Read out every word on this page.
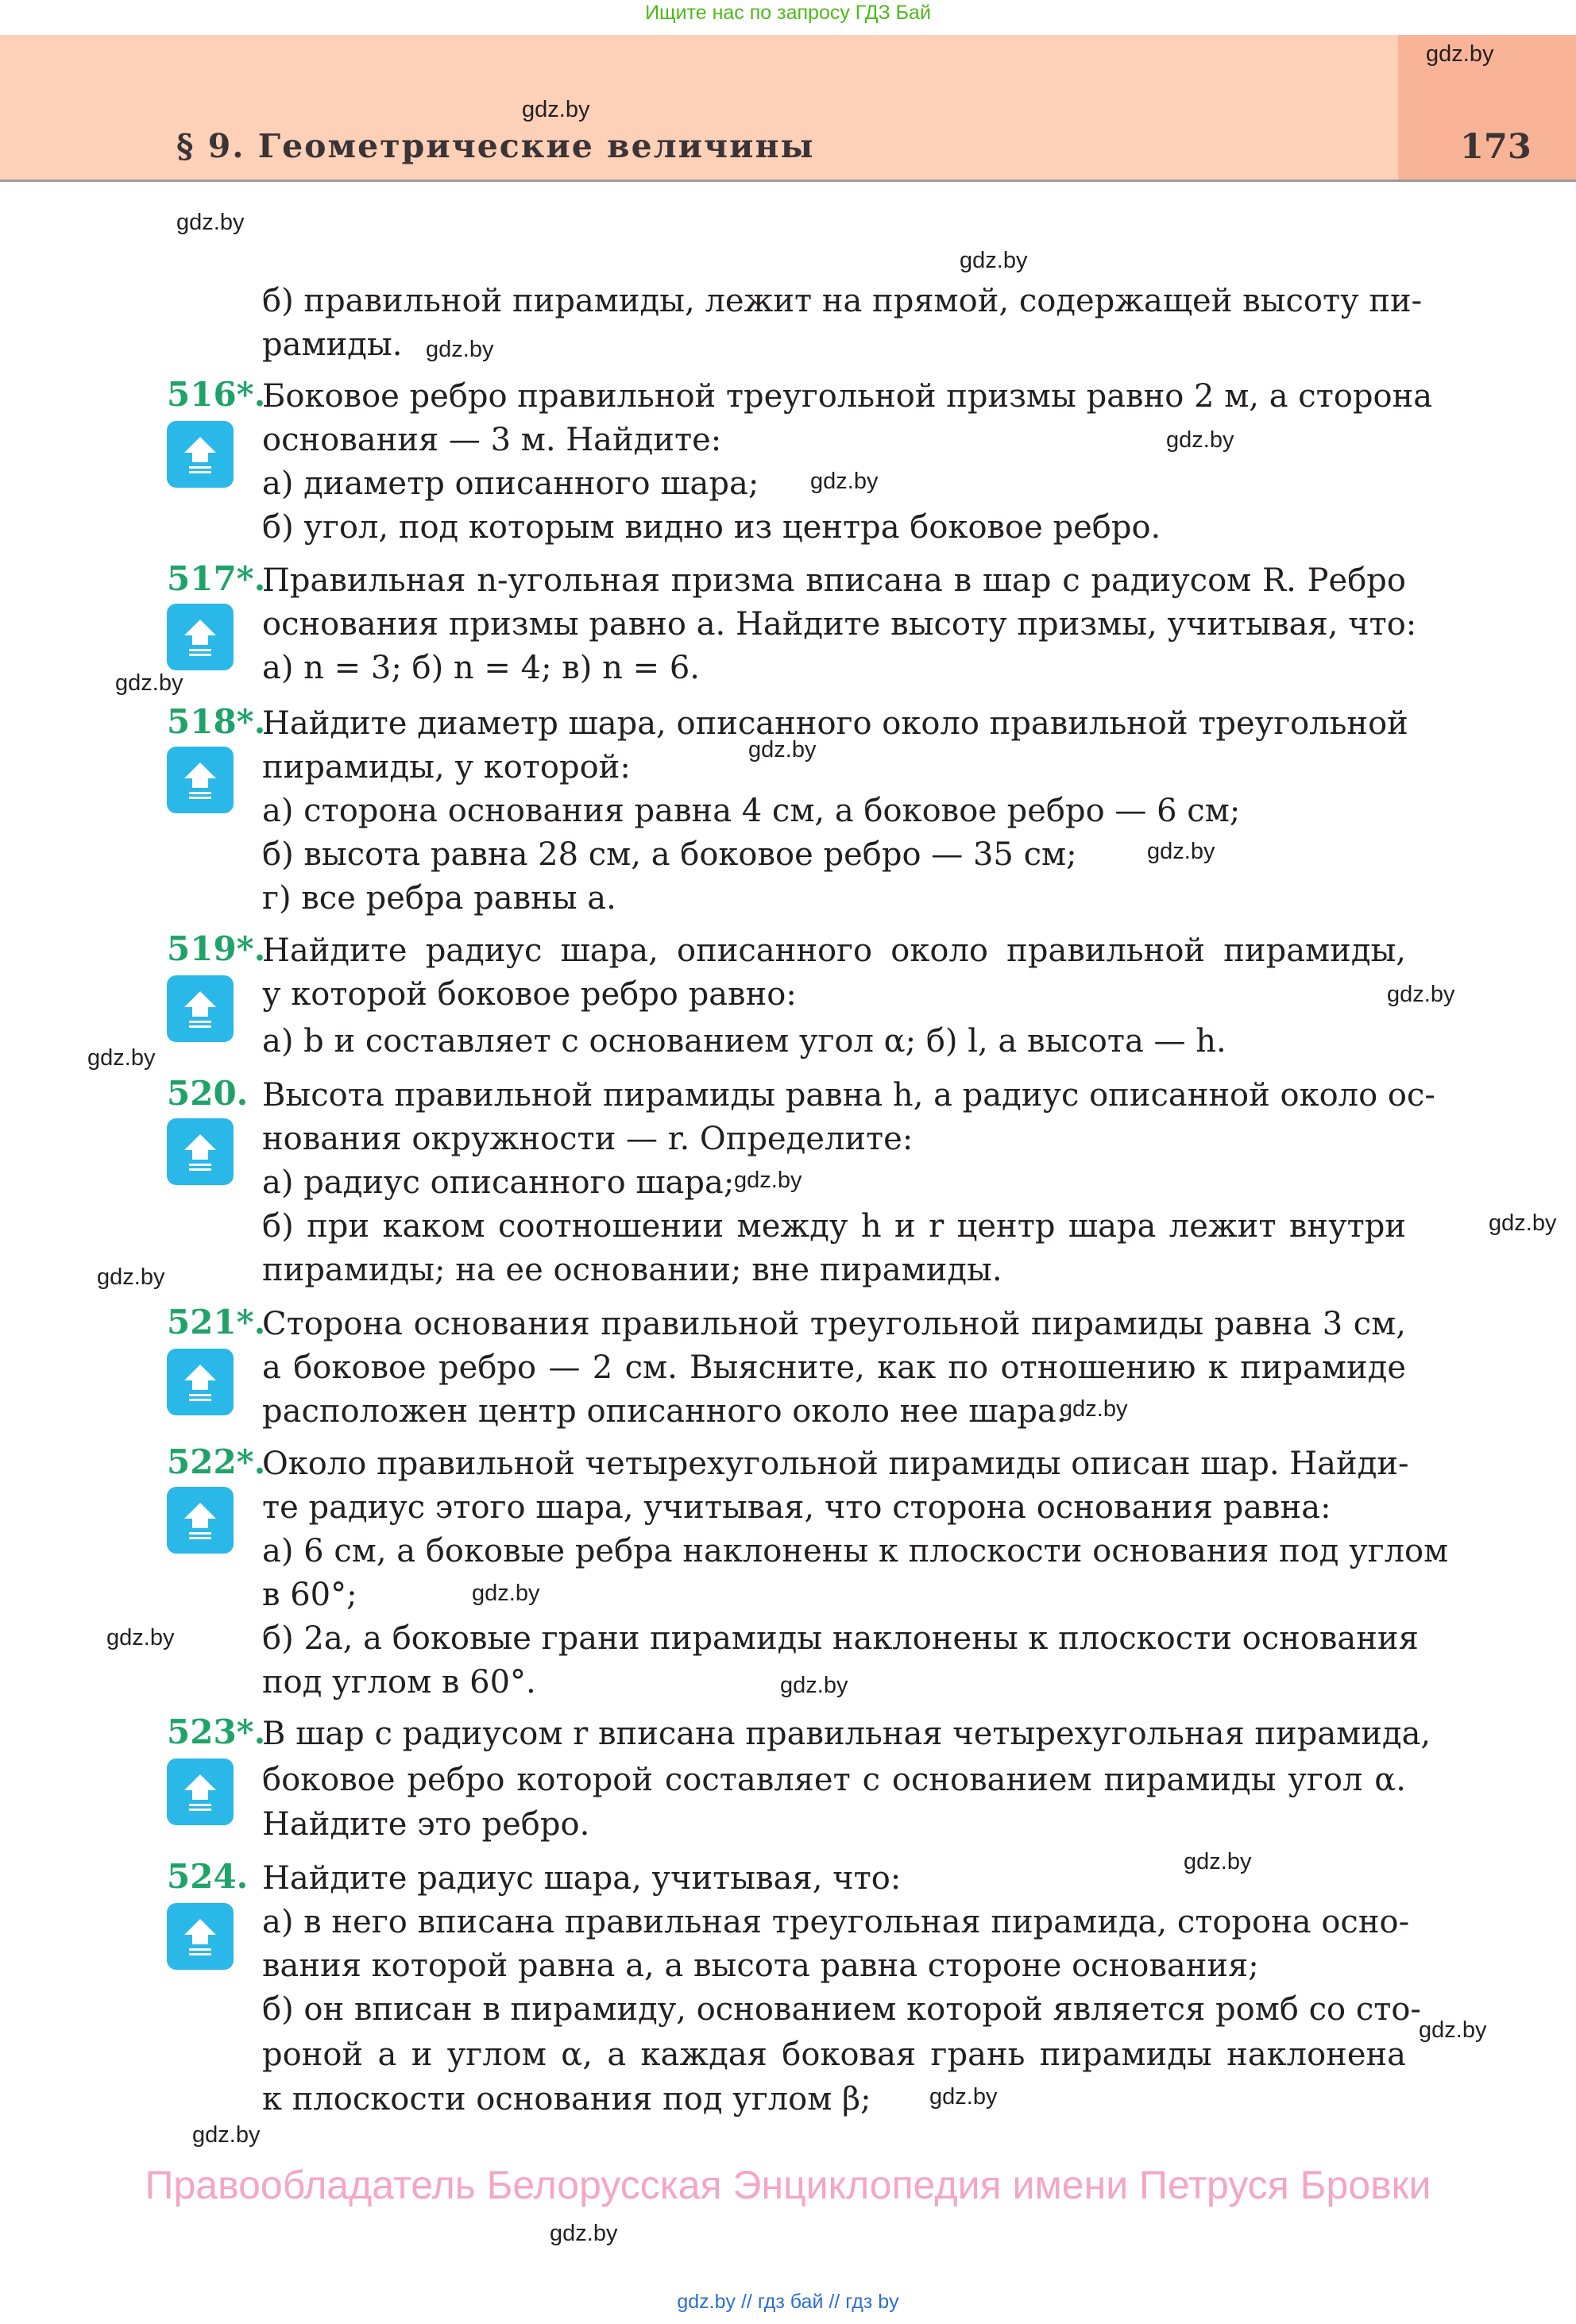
Ищите нас по запросу ГДЗ Бай
§ 9. Геометрические величины	173
gdz.by
gdz.by
gdz.by
gdz.by
gdz.by
gdz.by
gdz.by
gdz.by
gdz.by
gdz.by
gdz.by
gdz.by
gdz.by
gdz.by
gdz.by
gdz.by
gdz.by
gdz.by
gdz.by
gdz.by
gdz.by
gdz.by
gdz.by
gdz.by
б) правильной пирамиды, лежит на прямой, содержащей высоту пи-
рамиды.
516*.
Боковое ребро правильной треугольной призмы равно 2 м, а сторона
основания — 3 м. Найдите:
а) диаметр описанного шара;
б) угол, под которым видно из центра боковое ребро.
517*.
Правильная n-угольная призма вписана в шар с радиусом R. Ребро
основания призмы равно a. Найдите высоту призмы, учитывая, что:
а) n = 3; б) n = 4; в) n = 6.
518*.
Найдите диаметр шара, описанного около правильной треугольной
пирамиды, у которой:
а) сторона основания равна 4 см, а боковое ребро — 6 см;
б) высота равна 28 см, а боковое ребро — 35 см;
г) все ребра равны a.
519*.
Найдите радиус шара, описанного около правильной пирамиды,
у которой боковое ребро равно:
а) b и составляет с основанием угол α; б) l, а высота — h.
520. Высота правильной пирамиды равна h, а радиус описанной около ос-
нования окружности — r. Определите:
а) радиус описанного шара;
б) при каком соотношении между h и r центр шара лежит внутри
пирамиды; на ее основании; вне пирамиды.
521*.
Сторона основания правильной треугольной пирамиды равна 3 см,
а боковое ребро — 2 см. Выясните, как по отношению к пирамиде
расположен центр описанного около нее шара.
522*.
Около правильной четырехугольной пирамиды описан шар. Найди-
те радиус этого шара, учитывая, что сторона основания равна:
а) 6 см, а боковые ребра наклонены к плоскости основания под углом
в 60°;
б) 2a, а боковые грани пирамиды наклонены к плоскости основания
под углом в 60°.
523*.
В шар с радиусом r вписана правильная четырехугольная пирамида,
боковое ребро которой составляет с основанием пирамиды угол α.
Найдите это ребро.
524. Найдите радиус шара, учитывая, что:
а) в него вписана правильная треугольная пирамида, сторона осно-
вания которой равна a, а высота равна стороне основания;
б) он вписан в пирамиду, основанием которой является ромб со сто-
роной a и углом α, а каждая боковая грань пирамиды наклонена
к плоскости основания под углом β;
Правообладатель Белорусская Энциклопедия имени Петруся Бровки
gdz.by // гдз бай // гдз by
